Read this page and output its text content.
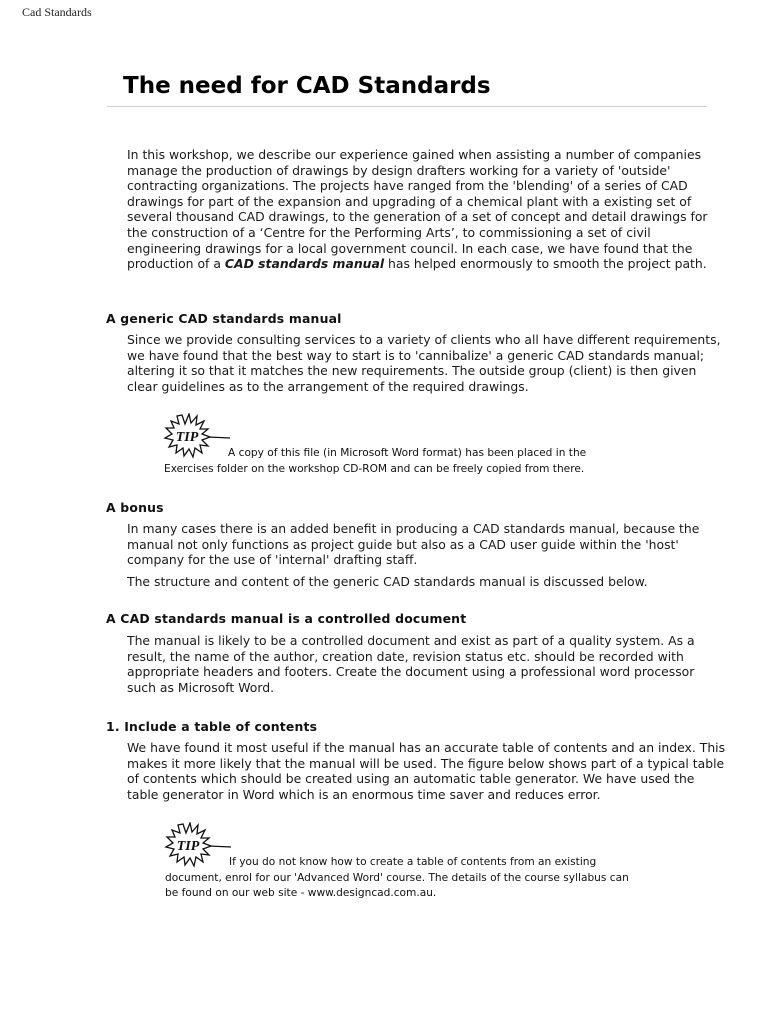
Cad Standards
The need for CAD Standards

In this workshop, we describe our experience gained when assisting a number of companies manage the production of drawings by design drafters working for a variety of 'outside' contracting organizations. The projects have ranged from the 'blending' of a series of CAD drawings for part of the expansion and upgrading of a chemical plant with a existing set of several thousand CAD drawings, to the generation of a set of concept and detail drawings for the construction of a ‘Centre for the Performing Arts’, to commissioning a set of civil engineering drawings for a local government council. In each case, we have found that the production of a CAD standards manual has helped enormously to smooth the project path.

A generic CAD standards manual

Since we provide consulting services to a variety of clients who all have different requirements, we have found that the best way to start is to 'cannibalize' a generic CAD standards manual; altering it so that it matches the new requirements. The outside group (client) is then given clear guidelines as to the arrangement of the required drawings.

TIP

A copy of this file (in Microsoft Word format) has been placed in the Exercises folder on the workshop CD-ROM and can be freely copied from there.

A bonus

In many cases there is an added benefit in producing a CAD standards manual, because the manual not only functions as project guide but also as a CAD user guide within the 'host' company for the use of 'internal' drafting staff.

The structure and content of the generic CAD standards manual is discussed below.

A CAD standards manual is a controlled document

The manual is likely to be a controlled document and exist as part of a quality system. As a result, the name of the author, creation date, revision status etc. should be recorded with appropriate headers and footers. Create the document using a professional word processor such as Microsoft Word.

1. Include a table of contents

We have found it most useful if the manual has an accurate table of contents and an index. This makes it more likely that the manual will be used. The figure below shows part of a typical table of contents which should be created using an automatic table generator. We have used the table generator in Word which is an enormous time saver and reduces error.

TIP

If you do not know how to create a table of contents from an existing document, enrol for our 'Advanced Word' course. The details of the course syllabus can be found on our web site - www.designcad.com.au.
